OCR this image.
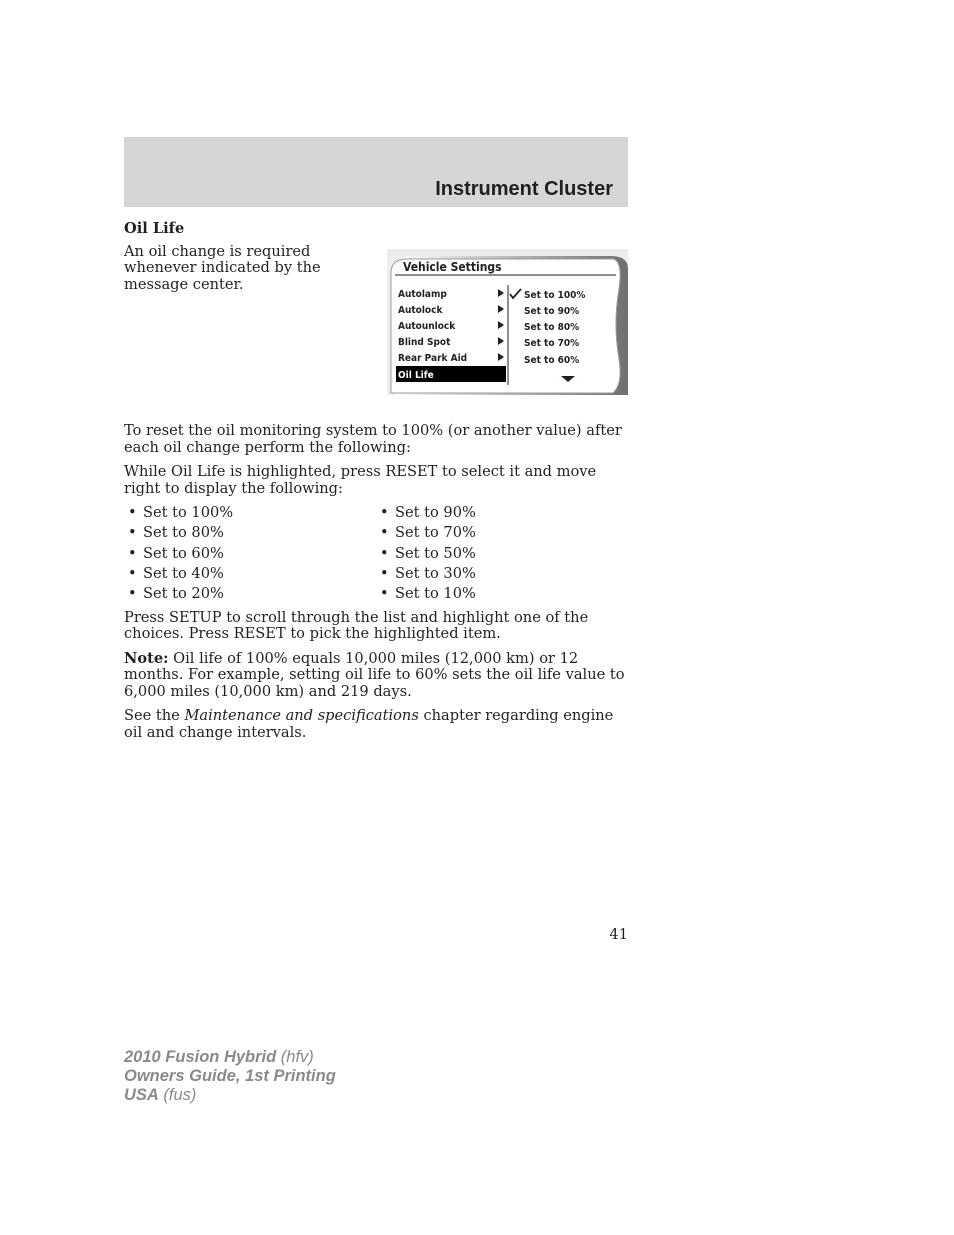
Instrument Cluster

Oil Life

An oil change is required whenever indicated by the message center.

Vehicle Settings
Autolamp
Autolock
Autounlock
Blind Spot
Rear Park Aid
Oil Life
Set to 100%
Set to 90%
Set to 80%
Set to 70%
Set to 60%

To reset the oil monitoring system to 100% (or another value) after each oil change perform the following:

While Oil Life is highlighted, press RESET to select it and move right to display the following:

• Set to 100%	• Set to 90%
• Set to 80%	• Set to 70%
• Set to 60%	• Set to 50%
• Set to 40%	• Set to 30%
• Set to 20%	• Set to 10%

Press SETUP to scroll through the list and highlight one of the choices. Press RESET to pick the highlighted item.

Note: Oil life of 100% equals 10,000 miles (12,000 km) or 12 months. For example, setting oil life to 60% sets the oil life value to 6,000 miles (10,000 km) and 219 days.

See the Maintenance and specifications chapter regarding engine oil and change intervals.

41
2010 Fusion Hybrid (hfv)
Owners Guide, 1st Printing
USA (fus)
